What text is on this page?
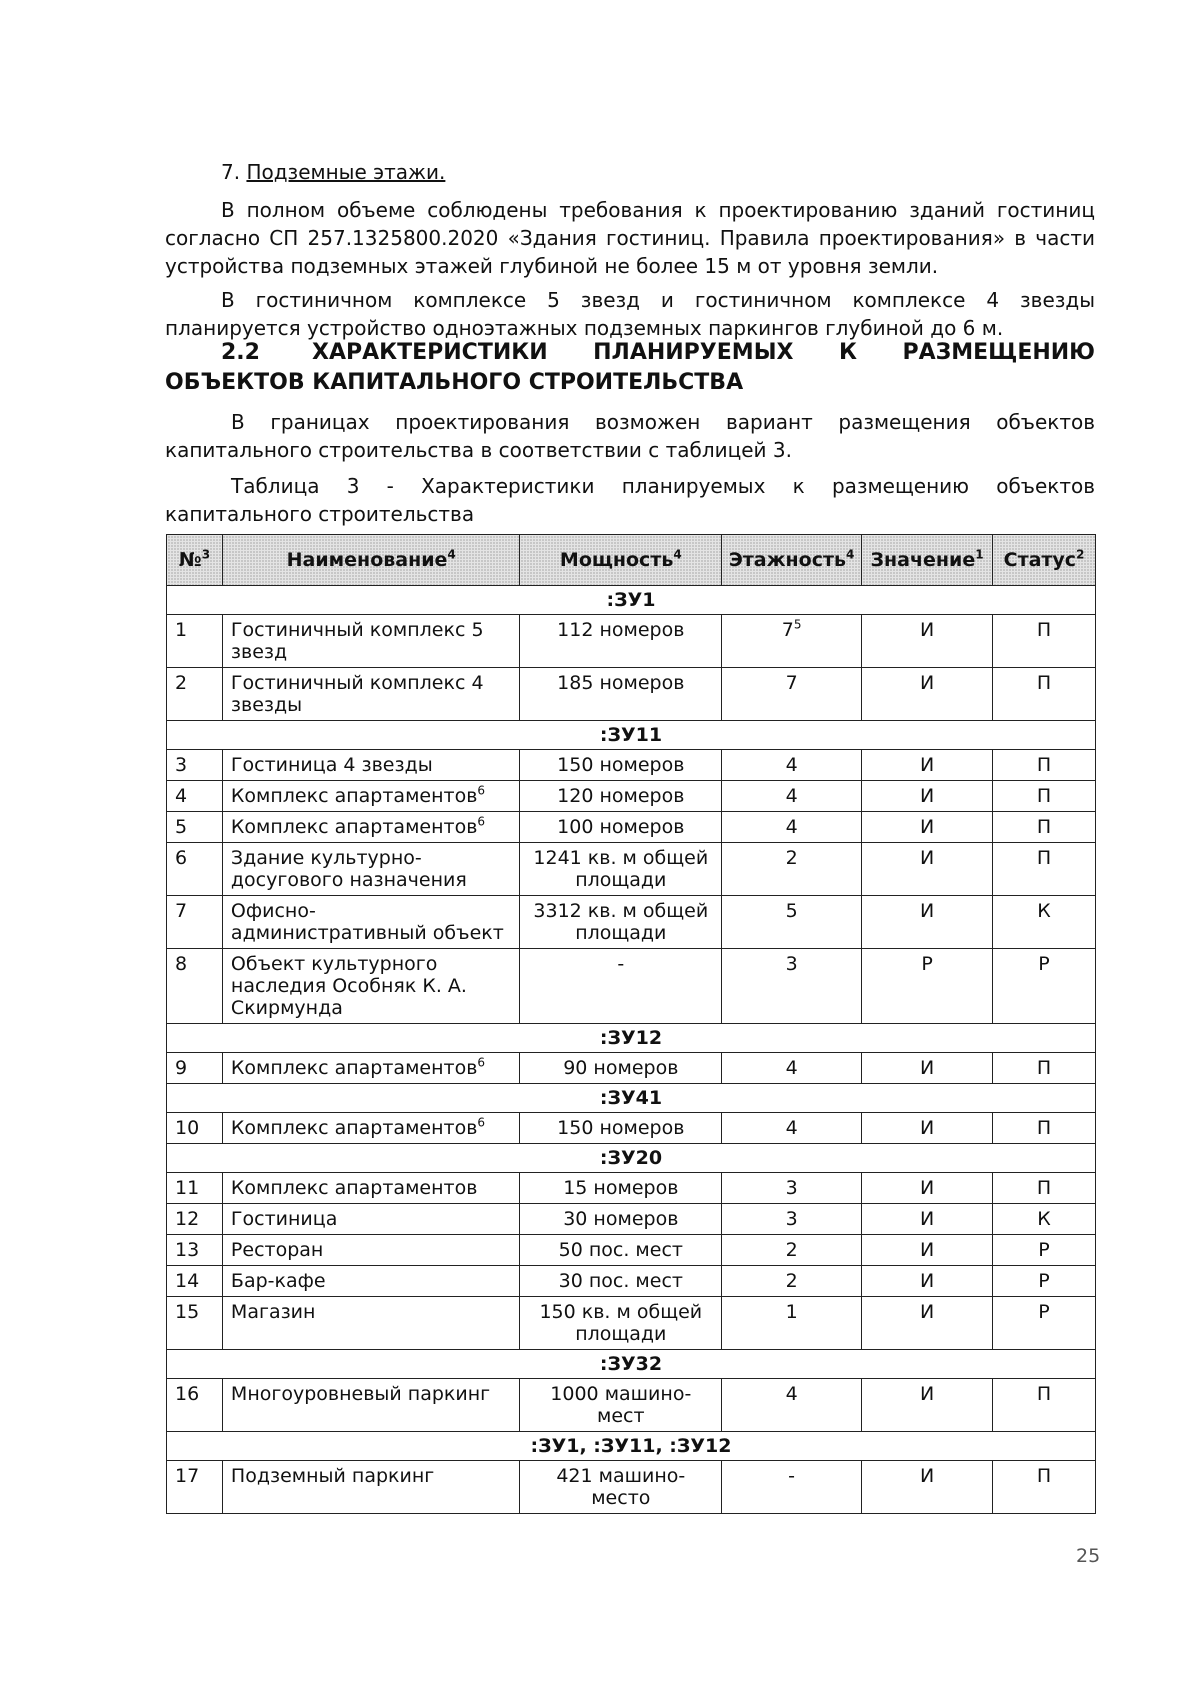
7. Подземные этажи.

В полном объеме соблюдены требования к проектированию зданий гостиниц согласно СП 257.1325800.2020 «Здания гостиниц. Правила проектирования» в части устройства подземных этажей глубиной не более 15 м от уровня земли.

В гостиничном комплексе 5 звезд и гостиничном комплексе 4 звезды планируется устройство одноэтажных подземных паркингов глубиной до 6 м.

2.2 ХАРАКТЕРИСТИКИ ПЛАНИРУЕМЫХ К РАЗМЕЩЕНИЮ ОБЪЕКТОВ КАПИТАЛЬНОГО СТРОИТЕЛЬСТВА

В границах проектирования возможен вариант размещения объектов капитального строительства в соответствии с таблицей 3.

Таблица 3 - Характеристики планируемых к размещению объектов капитального строительства
№$^3$	Наименование$^4$	Мощность$^4$	Этажность$^4$	Значение$^1$	Статус$^2$
:ЗУ1					
1	Гостиничный комплекс 5 звезд	112 номеров	$7^5$	И	П
2	Гостиничный комплекс 4 звезды	185 номеров	7	И	П
:ЗУ11					
3	Гостиница 4 звезды	150 номеров	4	И	П
4	Комплекс апартаментов$^6$	120 номеров	4	И	П
5	Комплекс апартаментов$^6$	100 номеров	4	И	П
6	Здание культурно-досугового назначения	1241 кв. м общей площади	2	И	П
7	Офисно-административный объект	3312 кв. м общей площади	5	И	К
8	Объект культурного наследия Особняк К. А. Скирмунда	-	3	Р	Р
:ЗУ12					
9	Комплекс апартаментов$^6$	90 номеров	4	И	П
:ЗУ41					
10	Комплекс апартаментов$^6$	150 номеров	4	И	П
:ЗУ20					
11	Комплекс апартаментов	15 номеров	3	И	П
12	Гостиница	30 номеров	3	И	К
13	Ресторан	50 пос. мест	2	И	Р
14	Бар-кафе	30 пос. мест	2	И	Р
15	Магазин	150 кв. м общей площади	1	И	Р
:ЗУ32					
16	Многоуровневый паркинг	1000 машино-мест	4	И	П
:ЗУ1, :ЗУ11, :ЗУ12					
17	Подземный паркинг	421 машино-место	-	И	П
25
